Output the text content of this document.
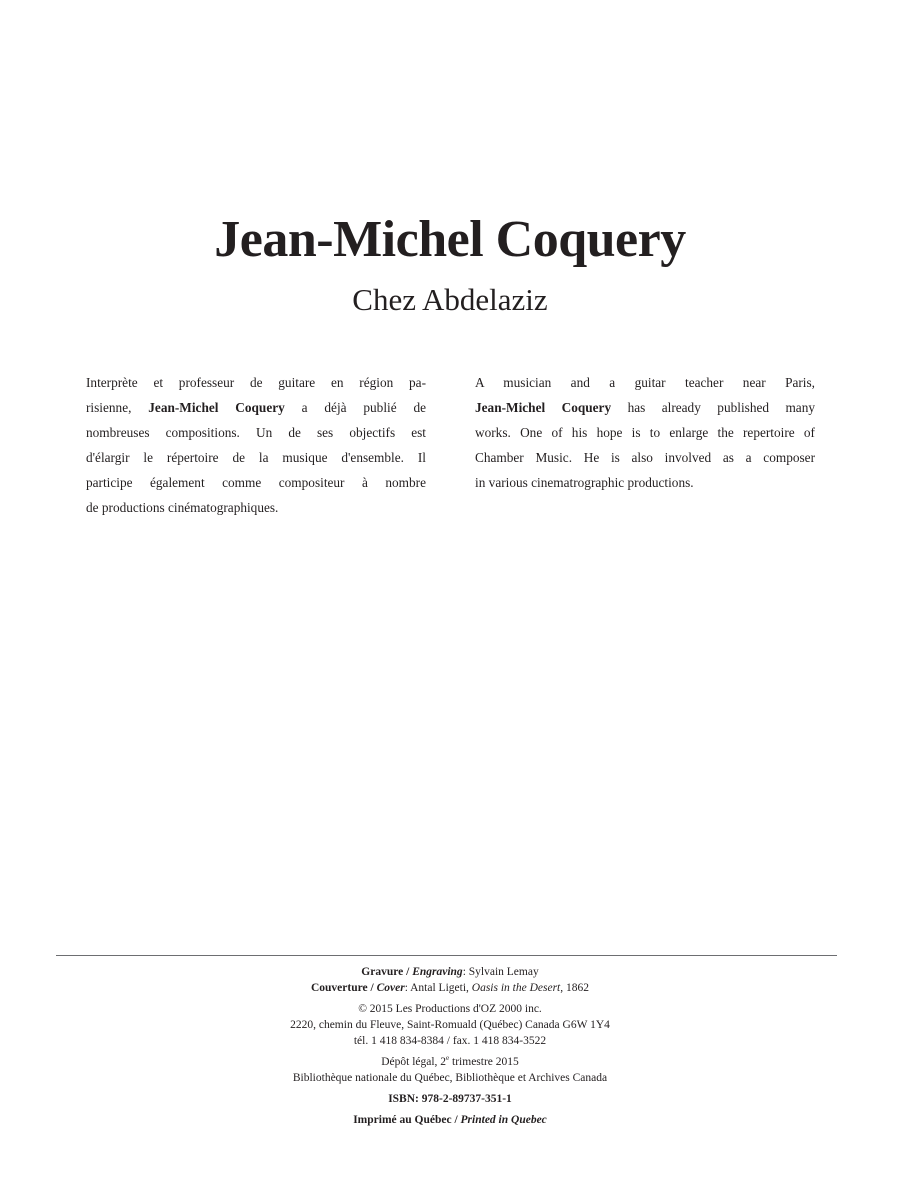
Jean-Michel Coquery
Chez Abdelaziz
Interprète et professeur de guitare en région pa-
risienne, Jean-Michel Coquery a déjà publié de
nombreuses compositions. Un de ses objectifs est
d'élargir le répertoire de la musique d'ensemble. Il
participe également comme compositeur à nombre
de productions cinématographiques.
A musician and a guitar teacher near Paris,
Jean-Michel Coquery has already published many
works. One of his hope is to enlarge the repertoire of
Chamber Music. He is also involved as a composer
in various cinematrographic productions.
Gravure / Engraving: Sylvain Lemay
Couverture / Cover: Antal Ligeti, Oasis in the Desert, 1862
© 2015 Les Productions d'OZ 2000 inc.
2220, chemin du Fleuve, Saint-Romuald (Québec) Canada G6W 1Y4
tél. 1 418 834-8384 / fax. 1 418 834-3522
Dépôt légal, 2e trimestre 2015
Bibliothèque nationale du Québec, Bibliothèque et Archives Canada
ISBN: 978-2-89737-351-1
Imprimé au Québec / Printed in Quebec
